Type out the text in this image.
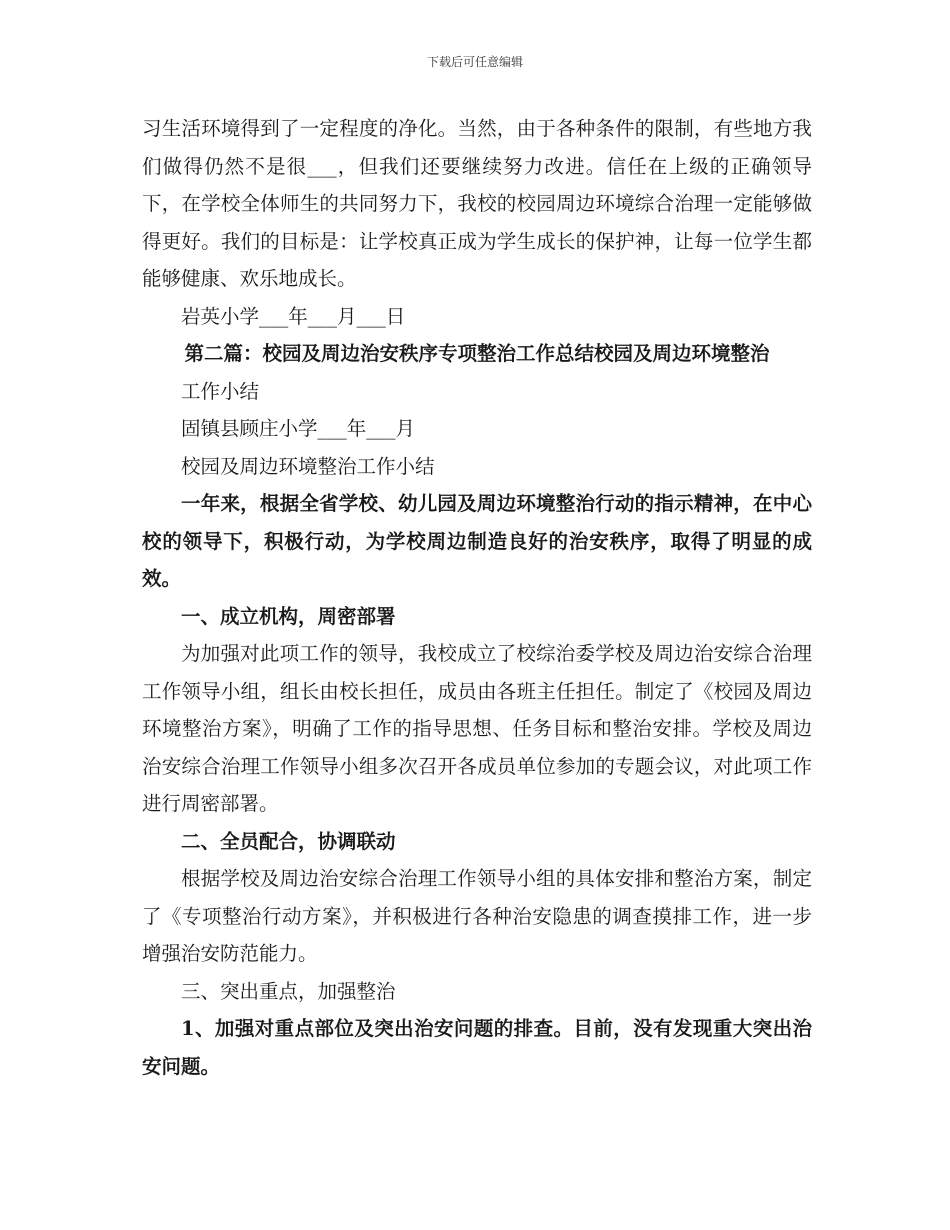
下载后可任意编辑

习生活环境得到了一定程度的净化。当然，由于各种条件的限制，有些地方我们做得仍然不是很___，但我们还要继续努力改进。信任在上级的正确领导下，在学校全体师生的共同努力下，我校的校园周边环境综合治理一定能够做得更好。我们的目标是：让学校真正成为学生成长的保护神，让每一位学生都能够健康、欢乐地成长。

岩英小学___年___月___日

第二篇：校园及周边治安秩序专项整治工作总结校园及周边环境整治

工作小结

固镇县顾庄小学___年___月

校园及周边环境整治工作小结

一年来，根据全省学校、幼儿园及周边环境整治行动的指示精神，在中心校的领导下，积极行动，为学校周边制造良好的治安秩序，取得了明显的成效。

一、成立机构，周密部署

为加强对此项工作的领导，我校成立了校综治委学校及周边治安综合治理工作领导小组，组长由校长担任，成员由各班主任担任。制定了《校园及周边环境整治方案》，明确了工作的指导思想、任务目标和整治安排。学校及周边治安综合治理工作领导小组多次召开各成员单位参加的专题会议，对此项工作进行周密部署。

二、全员配合，协调联动

根据学校及周边治安综合治理工作领导小组的具体安排和整治方案，制定了《专项整治行动方案》，并积极进行各种治安隐患的调查摸排工作，进一步增强治安防范能力。

三、突出重点，加强整治

1、加强对重点部位及突出治安问题的排查。目前，没有发现重大突出治安问题。
